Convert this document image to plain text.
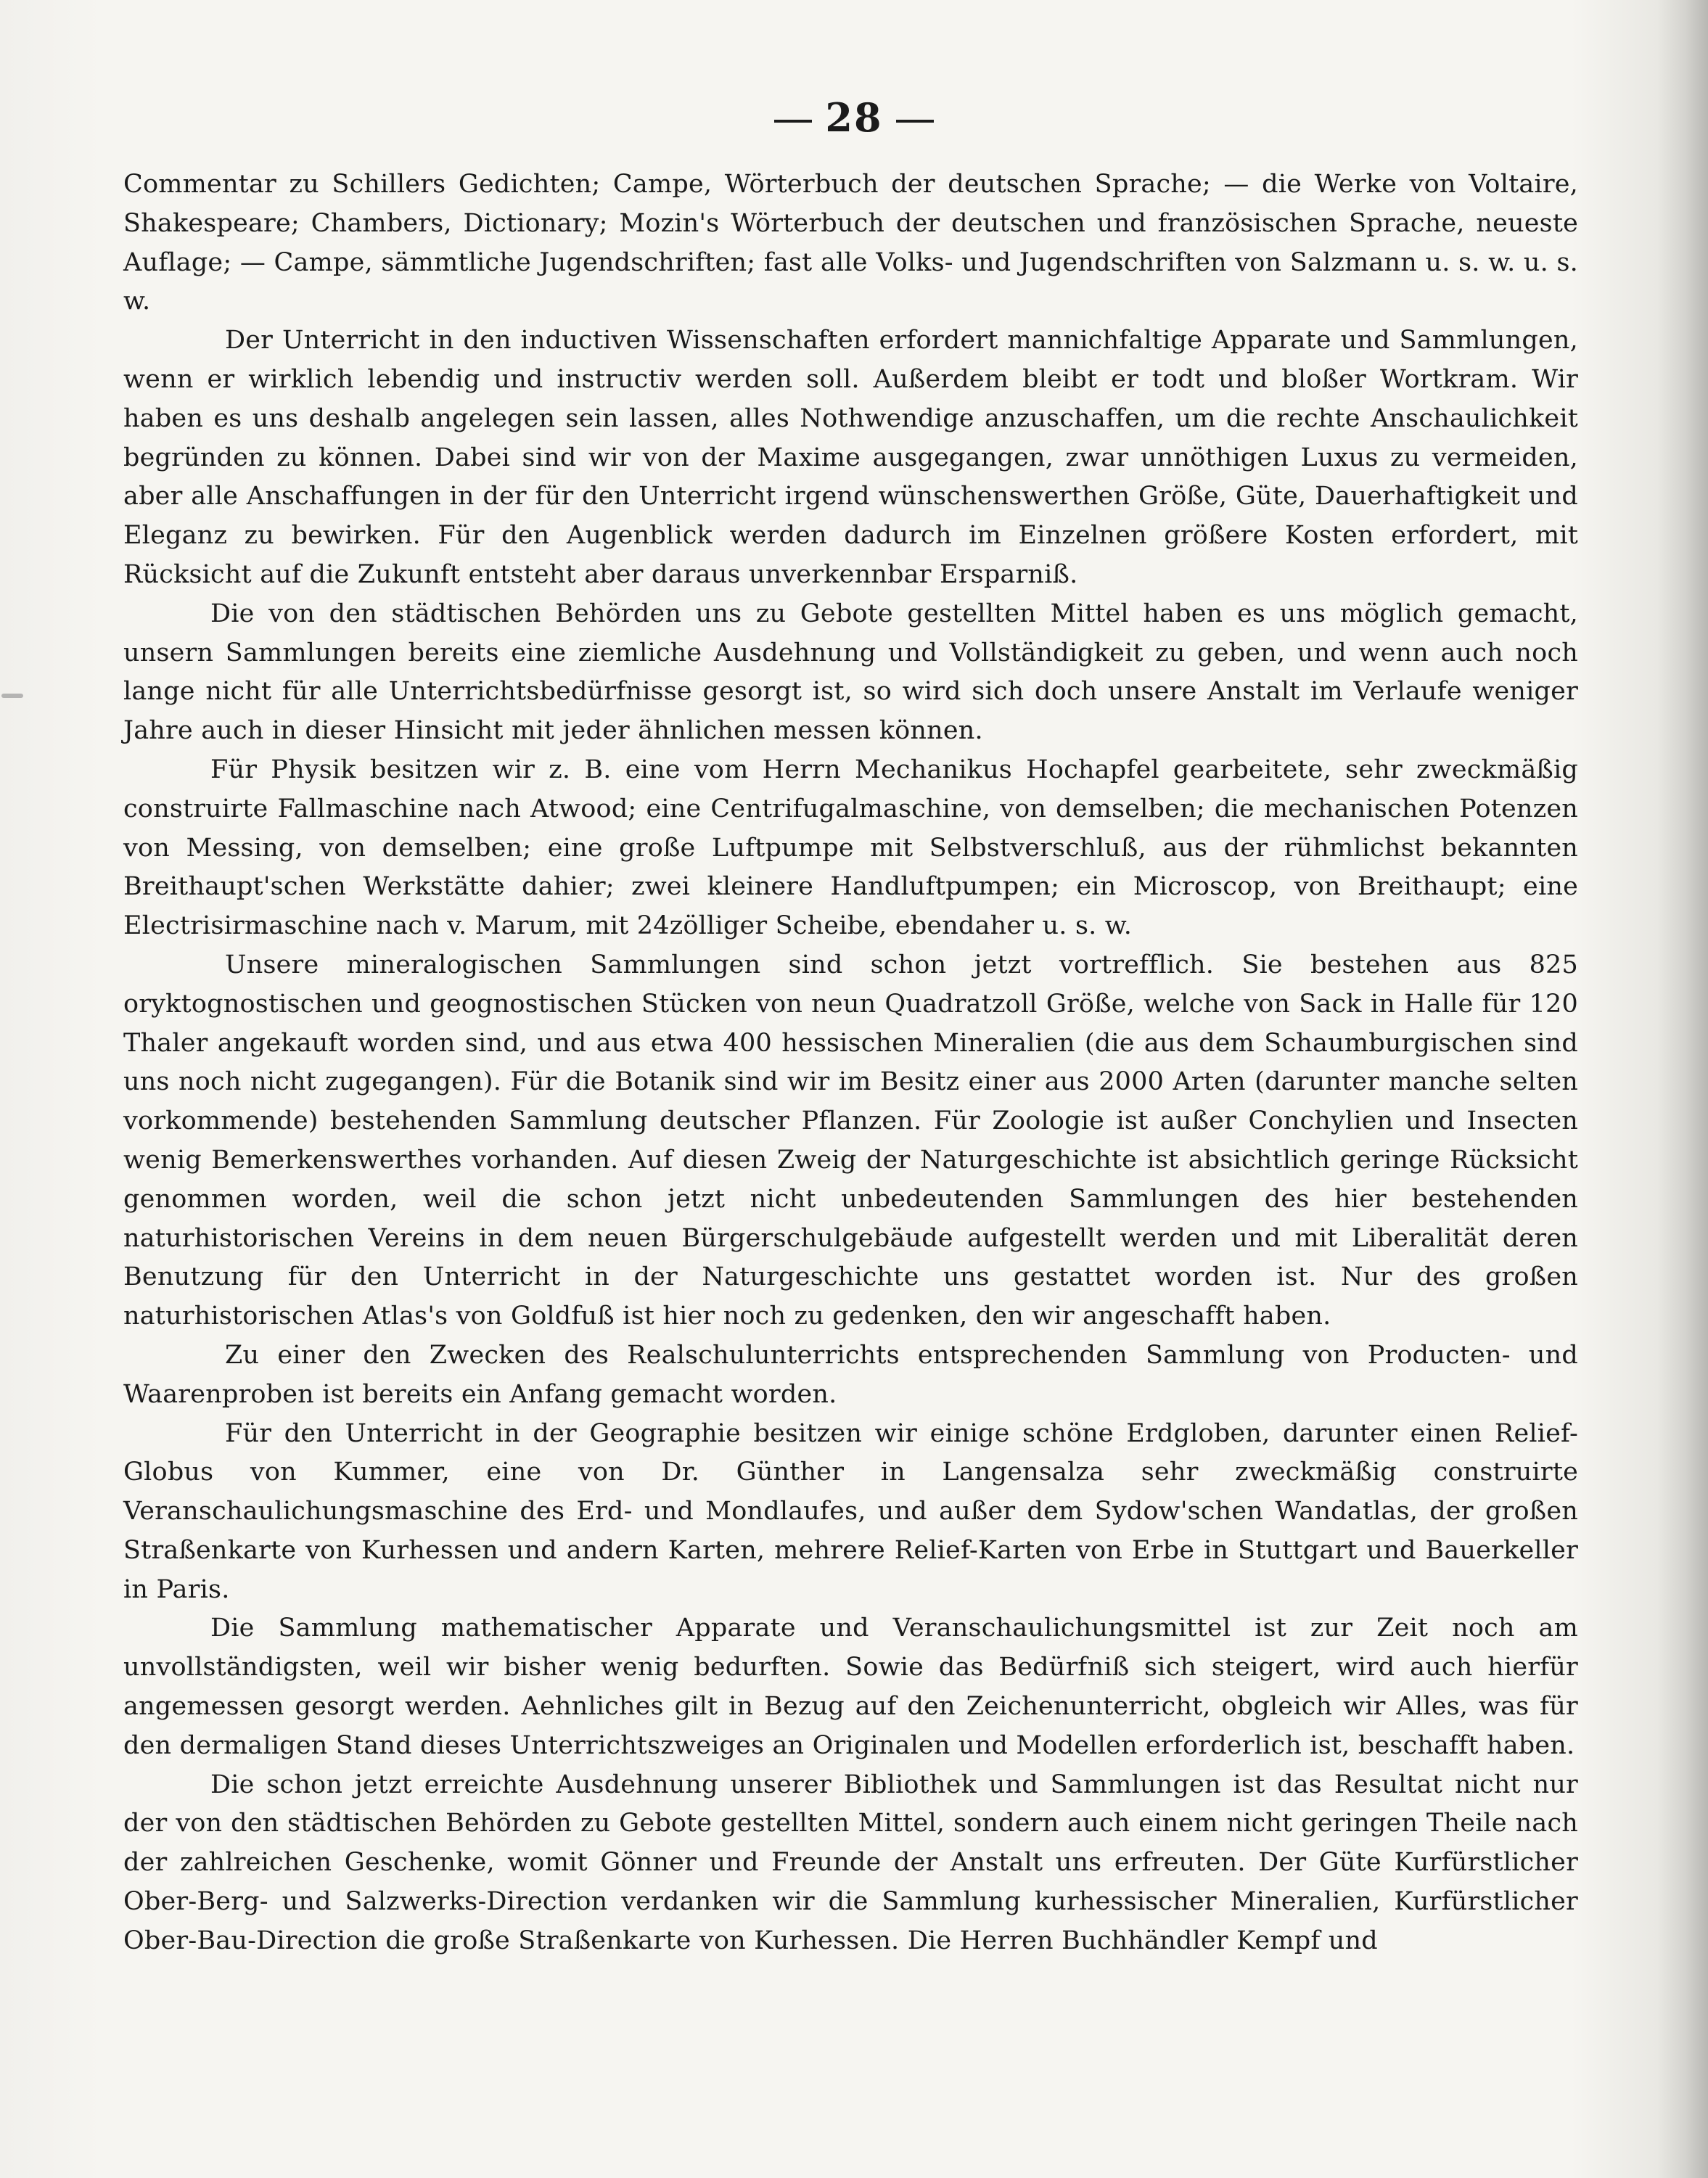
28

Commentar zu Schillers Gedichten; Campe, Wörterbuch der deutschen Sprache; — die Werke von Voltaire, Shakespeare; Chambers, Dictionary; Mozin's Wörterbuch der deutschen und französischen Sprache, neueste Auflage; — Campe, sämmtliche Jugendschriften; fast alle Volks- und Jugendschriften von Salzmann u. s. w. u. s. w.

Der Unterricht in den inductiven Wissenschaften erfordert mannichfaltige Apparate und Sammlungen, wenn er wirklich lebendig und instructiv werden soll. Außerdem bleibt er todt und bloßer Wortkram. Wir haben es uns deshalb angelegen sein lassen, alles Nothwendige anzuschaffen, um die rechte Anschaulichkeit begründen zu können. Dabei sind wir von der Maxime ausgegangen, zwar unnöthigen Luxus zu vermeiden, aber alle Anschaffungen in der für den Unterricht irgend wünschenswerthen Größe, Güte, Dauerhaftigkeit und Eleganz zu bewirken. Für den Augenblick werden dadurch im Einzelnen größere Kosten erfordert, mit Rücksicht auf die Zukunft entsteht aber daraus unverkennbar Ersparniß.

Die von den städtischen Behörden uns zu Gebote gestellten Mittel haben es uns möglich gemacht, unsern Sammlungen bereits eine ziemliche Ausdehnung und Vollständigkeit zu geben, und wenn auch noch lange nicht für alle Unterrichtsbedürfnisse gesorgt ist, so wird sich doch unsere Anstalt im Verlaufe weniger Jahre auch in dieser Hinsicht mit jeder ähnlichen messen können.

Für Physik besitzen wir z. B. eine vom Herrn Mechanikus Hochapfel gearbeitete, sehr zweckmäßig construirte Fallmaschine nach Atwood; eine Centrifugalmaschine, von demselben; die mechanischen Potenzen von Messing, von demselben; eine große Luftpumpe mit Selbstverschluß, aus der rühmlichst bekannten Breithaupt'schen Werkstätte dahier; zwei kleinere Handluftpumpen; ein Microscop, von Breithaupt; eine Electrisirmaschine nach v. Marum, mit 24zölliger Scheibe, ebendaher u. s. w.

Unsere mineralogischen Sammlungen sind schon jetzt vortrefflich. Sie bestehen aus 825 oryktognostischen und geognostischen Stücken von neun Quadratzoll Größe, welche von Sack in Halle für 120 Thaler angekauft worden sind, und aus etwa 400 hessischen Mineralien (die aus dem Schaumburgischen sind uns noch nicht zugegangen). Für die Botanik sind wir im Besitz einer aus 2000 Arten (darunter manche selten vorkommende) bestehenden Sammlung deutscher Pflanzen. Für Zoologie ist außer Conchylien und Insecten wenig Bemerkenswerthes vorhanden. Auf diesen Zweig der Naturgeschichte ist absichtlich geringe Rücksicht genommen worden, weil die schon jetzt nicht unbedeutenden Sammlungen des hier bestehenden naturhistorischen Vereins in dem neuen Bürgerschulgebäude aufgestellt werden und mit Liberalität deren Benutzung für den Unterricht in der Naturgeschichte uns gestattet worden ist. Nur des großen naturhistorischen Atlas's von Goldfuß ist hier noch zu gedenken, den wir angeschafft haben.

Zu einer den Zwecken des Realschulunterrichts entsprechenden Sammlung von Producten- und Waarenproben ist bereits ein Anfang gemacht worden.

Für den Unterricht in der Geographie besitzen wir einige schöne Erdgloben, darunter einen Relief-Globus von Kummer, eine von Dr. Günther in Langensalza sehr zweckmäßig construirte Veranschaulichungsmaschine des Erd- und Mondlaufes, und außer dem Sydow'schen Wandatlas, der großen Straßenkarte von Kurhessen und andern Karten, mehrere Relief-Karten von Erbe in Stuttgart und Bauerkeller in Paris.

Die Sammlung mathematischer Apparate und Veranschaulichungsmittel ist zur Zeit noch am unvollständigsten, weil wir bisher wenig bedurften. Sowie das Bedürfniß sich steigert, wird auch hierfür angemessen gesorgt werden. Aehnliches gilt in Bezug auf den Zeichenunterricht, obgleich wir Alles, was für den dermaligen Stand dieses Unterrichtszweiges an Originalen und Modellen erforderlich ist, beschafft haben.

Die schon jetzt erreichte Ausdehnung unserer Bibliothek und Sammlungen ist das Resultat nicht nur der von den städtischen Behörden zu Gebote gestellten Mittel, sondern auch einem nicht geringen Theile nach der zahlreichen Geschenke, womit Gönner und Freunde der Anstalt uns erfreuten. Der Güte Kurfürstlicher Ober-Berg- und Salzwerks-Direction verdanken wir die Sammlung kurhessischer Mineralien, Kurfürstlicher Ober-Bau-Direction die große Straßenkarte von Kurhessen. Die Herren Buchhändler Kempf und
